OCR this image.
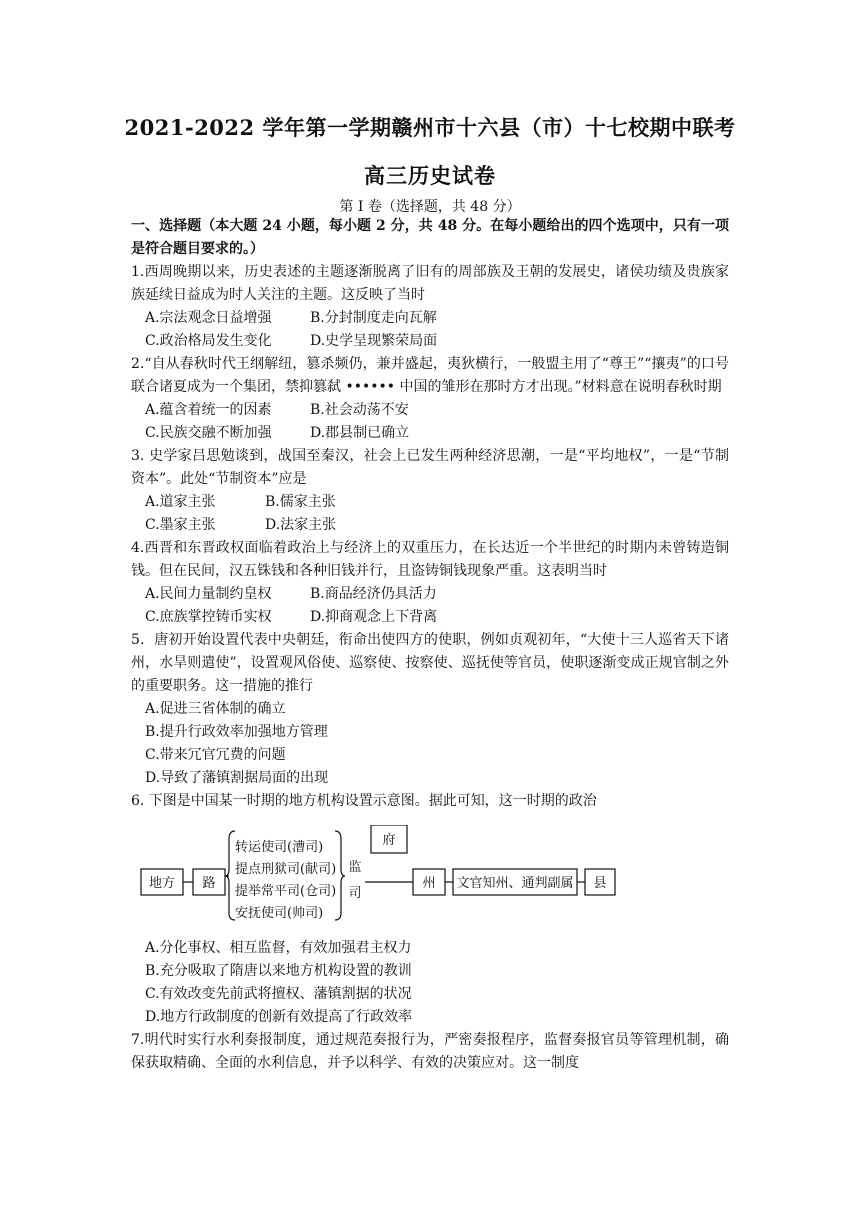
2021-2022 学年第一学期赣州市十六县（市）十七校期中联考
高三历史试卷
第 Ⅰ 卷（选择题，共 48 分）

一、选择题（本大题 24 小题，每小题 2 分，共 48 分。在每小题给出的四个选项中，只有一项是符合题目要求的。）

1.西周晚期以来，历史表述的主题逐渐脱离了旧有的周部族及王朝的发展史，诸侯功绩及贵族家族延续日益成为时人关注的主题。这反映了当时

A.宗法观念日益增强	B.分封制度走向瓦解
C.政治格局发生变化	D.史学呈现繁荣局面

2.“自从春秋时代王纲解纽，篡杀频仍，兼并盛起，夷狄横行，一般盟主用了“尊王”“攘夷”的口号联合诸夏成为一个集团，禁抑篡弑 •••••• 中国的雏形在那时方才出现。”材料意在说明春秋时期

A.蕴含着统一的因素	B.社会动荡不安
C.民族交融不断加强	D.郡县制已确立

3. 史学家吕思勉谈到，战国至秦汉，社会上已发生两种经济思潮，一是“平均地权”，一是“节制资本”。此处“节制资本”应是

A.道家主张	B.儒家主张
C.墨家主张	D.法家主张

4.西晋和东晋政权面临着政治上与经济上的双重压力，在长达近一个半世纪的时期内未曾铸造铜钱。但在民间，汉五铢钱和各种旧钱并行，且盗铸铜钱现象严重。这表明当时

A.民间力量制约皇权	B.商品经济仍具活力
C.庶族掌控铸币实权	D.抑商观念上下背离

5．唐初开始设置代表中央朝廷，衔命出使四方的使职，例如贞观初年，“大使十三人巡省天下诸州，水旱则遣使”，设置观风俗使、巡察使、按察使、巡抚使等官员，使职逐渐变成正规官制之外的重要职务。这一措施的推行

A.促进三省体制的确立
B.提升行政效率加强地方管理
C.带来冗官冗费的问题
D.导致了藩镇割据局面的出现

6. 下图是中国某一时期的地方机构设置示意图。据此可知，这一时期的政治

地方 路
转运使司(漕司)
提点刑狱司(献司)
提举常平司(仓司)
安抚使司(帅司)
监
司
府
州 文官知州、通判副属 县
A.分化事权、相互监督，有效加强君主权力
B.充分吸取了隋唐以来地方机构设置的教训
C.有效改变先前武将擅权、藩镇割据的状况
D.地方行政制度的创新有效提高了行政效率

7.明代时实行水利奏报制度，通过规范奏报行为，严密奏报程序，监督奏报官员等管理机制，确保获取精确、全面的水利信息，并予以科学、有效的决策应对。这一制度
